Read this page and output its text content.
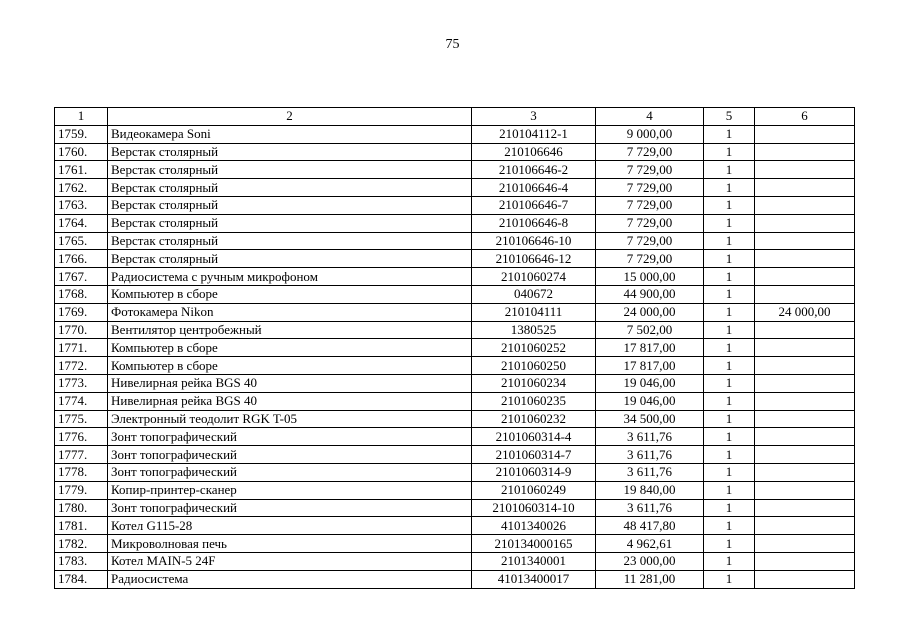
75
1	2	3	4	5	6
1759.	Видеокамера Soni	210104112-1	9 000,00	1	
1760.	Верстак столярный	210106646	7 729,00	1	
1761.	Верстак столярный	210106646-2	7 729,00	1	
1762.	Верстак столярный	210106646-4	7 729,00	1	
1763.	Верстак столярный	210106646-7	7 729,00	1	
1764.	Верстак столярный	210106646-8	7 729,00	1	
1765.	Верстак столярный	210106646-10	7 729,00	1	
1766.	Верстак столярный	210106646-12	7 729,00	1	
1767.	Радиосистема с ручным микрофоном	2101060274	15 000,00	1	
1768.	Компьютер в сборе	040672	44 900,00	1	
1769.	Фотокамера Nikon	210104111	24 000,00	1	24 000,00
1770.	Вентилятор центробежный	1380525	7 502,00	1	
1771.	Компьютер в сборе	2101060252	17 817,00	1	
1772.	Компьютер в сборе	2101060250	17 817,00	1	
1773.	Нивелирная рейка BGS 40	2101060234	19 046,00	1	
1774.	Нивелирная рейка BGS 40	2101060235	19 046,00	1	
1775.	Электронный теодолит RGK T-05	2101060232	34 500,00	1	
1776.	Зонт топографический	2101060314-4	3 611,76	1	
1777.	Зонт топографический	2101060314-7	3 611,76	1	
1778.	Зонт топографический	2101060314-9	3 611,76	1	
1779.	Копир-принтер-сканер	2101060249	19 840,00	1	
1780.	Зонт топографический	2101060314-10	3 611,76	1	
1781.	Котел G115-28	4101340026	48 417,80	1	
1782.	Микроволновая печь	210134000165	4 962,61	1	
1783.	Котел MAIN-5 24F	2101340001	23 000,00	1	
1784.	Радиосистема	41013400017	11 281,00	1	
